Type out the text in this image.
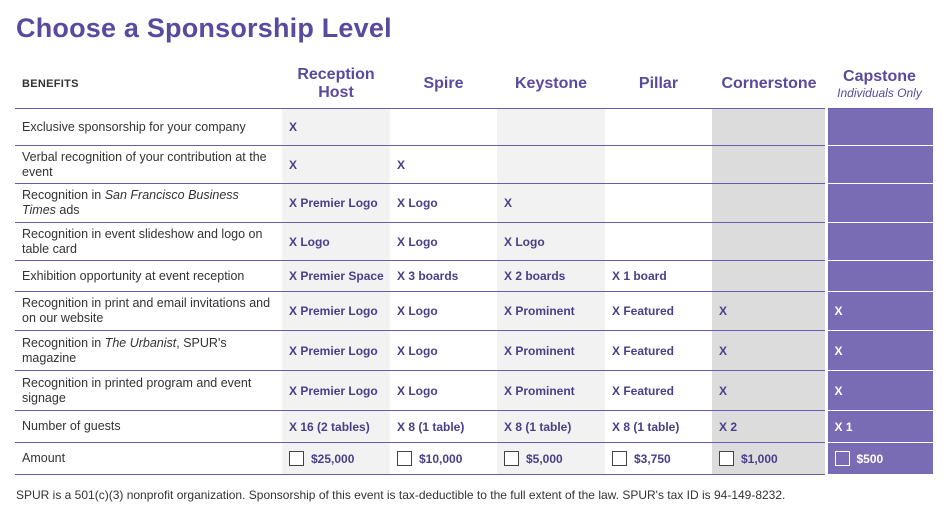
Choose a Sponsorship Level
BENEFITS	Reception Host	Spire	Keystone	Pillar	Cornerstone	Capstone
Individuals Only

Exclusive sponsorship for your company	X					
Verbal recognition of your contribution at the event	X	X				
Recognition in San Francisco Business Times ads	X Premier Logo	X Logo	X			
Recognition in event slideshow and logo on table card	X Logo	X Logo	X Logo			
Exhibition opportunity at event reception	X Premier Space	X 3 boards	X 2 boards	X 1 board		
Recognition in print and email invitations and on our website	X Premier Logo	X Logo	X Prominent	X Featured	X	X
Recognition in The Urbanist, SPUR's magazine	X Premier Logo	X Logo	X Prominent	X Featured	X	X
Recognition in printed program and event signage	X Premier Logo	X Logo	X Prominent	X Featured	X	X
Number of guests	X 16 (2 tables)	X 8 (1 table)	X 8 (1 table)	X 8 (1 table)	X 2	X 1
Amount	$25,000	$10,000	$5,000	$3,750	$1,000	$500
SPUR is a 501(c)(3) nonprofit organization. Sponsorship of this event is tax-deductible to the full extent of the law. SPUR's tax ID is 94-149-8232.
